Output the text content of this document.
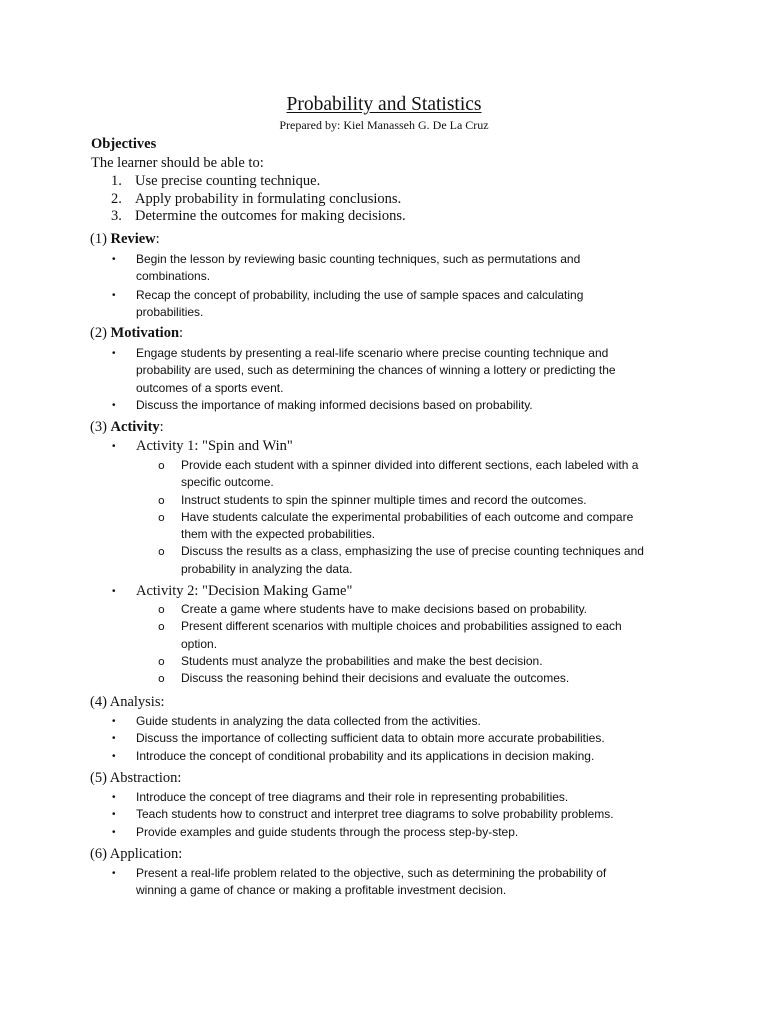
Probability and Statistics
Prepared by: Kiel Manasseh G. De La Cruz
Objectives
The learner should be able to:
1. Use precise counting technique.
2. Apply probability in formulating conclusions.
3. Determine the outcomes for making decisions.
(1) Review:
• Begin the lesson by reviewing basic counting techniques, such as permutations and
combinations.
• Recap the concept of probability, including the use of sample spaces and calculating
probabilities.
(2) Motivation:
• Engage students by presenting a real-life scenario where precise counting technique and
probability are used, such as determining the chances of winning a lottery or predicting the
outcomes of a sports event.
• Discuss the importance of making informed decisions based on probability.
(3) Activity:
• Activity 1: "Spin and Win"
o Provide each student with a spinner divided into different sections, each labeled with a
specific outcome.
o Instruct students to spin the spinner multiple times and record the outcomes.
o Have students calculate the experimental probabilities of each outcome and compare
them with the expected probabilities.
o Discuss the results as a class, emphasizing the use of precise counting techniques and
probability in analyzing the data.
• Activity 2: "Decision Making Game"
o Create a game where students have to make decisions based on probability.
o Present different scenarios with multiple choices and probabilities assigned to each
option.
o Students must analyze the probabilities and make the best decision.
o Discuss the reasoning behind their decisions and evaluate the outcomes.
(4) Analysis:
• Guide students in analyzing the data collected from the activities.
• Discuss the importance of collecting sufficient data to obtain more accurate probabilities.
• Introduce the concept of conditional probability and its applications in decision making.
(5) Abstraction:
• Introduce the concept of tree diagrams and their role in representing probabilities.
• Teach students how to construct and interpret tree diagrams to solve probability problems.
• Provide examples and guide students through the process step-by-step.
(6) Application:
• Present a real-life problem related to the objective, such as determining the probability of
winning a game of chance or making a profitable investment decision.
